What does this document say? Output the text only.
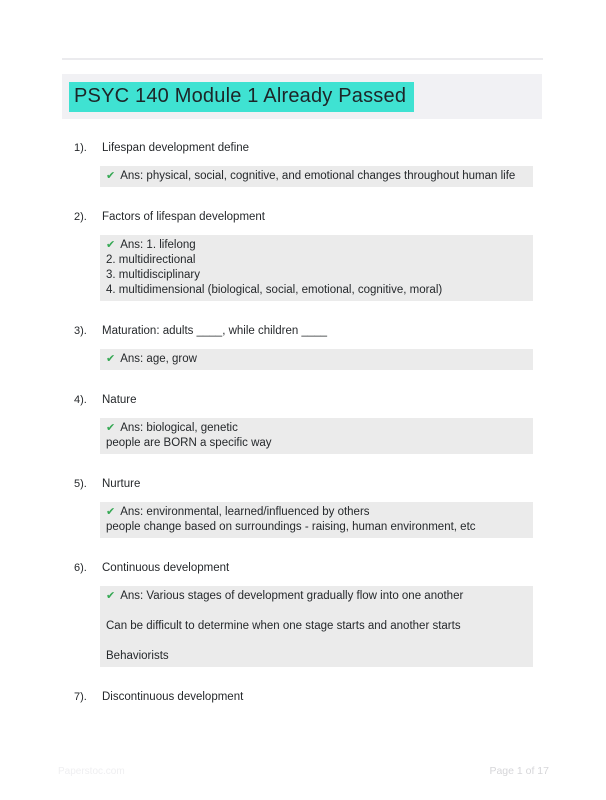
PSYC 140 Module 1 Already Passed
1).	Lifespan development define
✔ Ans: physical, social, cognitive, and emotional changes throughout human life
2).	Factors of lifespan development
✔ Ans: 1. lifelong
2. multidirectional
3. multidisciplinary
4. multidimensional (biological, social, emotional, cognitive, moral)
3).	Maturation: adults ____, while children ____
✔ Ans: age, grow
4).	Nature
✔ Ans: biological, genetic
people are BORN a specific way
5).	Nurture
✔ Ans: environmental, learned/influenced by others
people change based on surroundings - raising, human environment, etc
6).	Continuous development
✔ Ans: Various stages of development gradually flow into one another

Can be difficult to determine when one stage starts and another starts

Behaviorists
7).	Discontinuous development
Paperstoc.com	Page 1 of 17
